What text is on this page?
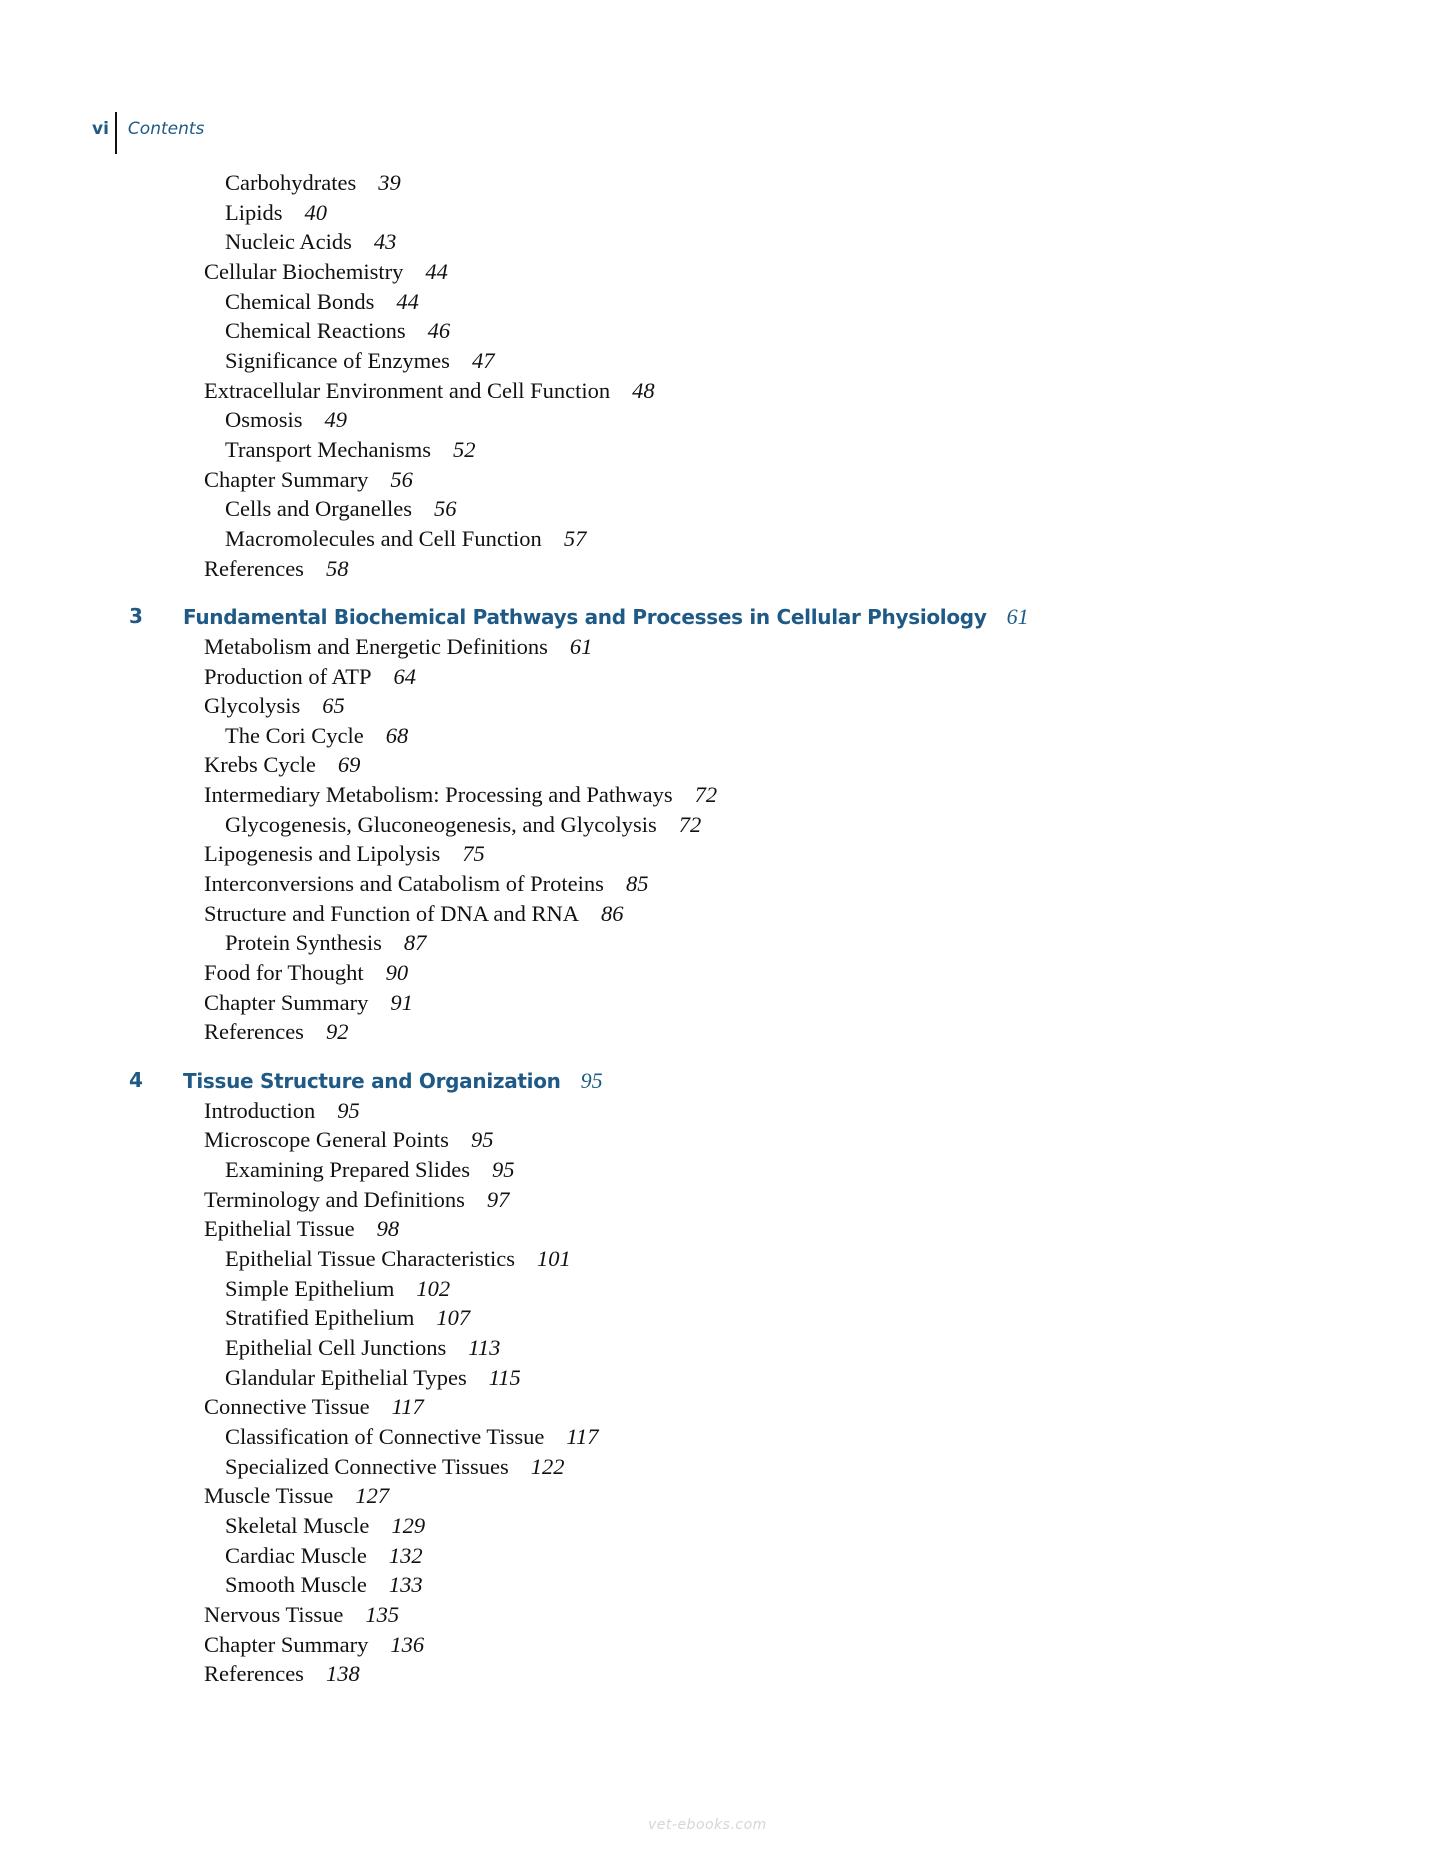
vi	Contents
Carbohydrates 39
Lipids 40
Nucleic Acids 43
Cellular Biochemistry 44
Chemical Bonds 44
Chemical Reactions 46
Significance of Enzymes 47
Extracellular Environment and Cell Function 48
Osmosis 49
Transport Mechanisms 52
Chapter Summary 56
Cells and Organelles 56
Macromolecules and Cell Function 57
References 58
3 Fundamental Biochemical Pathways and Processes in Cellular Physiology 61
Metabolism and Energetic Definitions 61
Production of ATP 64
Glycolysis 65
The Cori Cycle 68
Krebs Cycle 69
Intermediary Metabolism: Processing and Pathways 72
Glycogenesis, Gluconeogenesis, and Glycolysis 72
Lipogenesis and Lipolysis 75
Interconversions and Catabolism of Proteins 85
Structure and Function of DNA and RNA 86
Protein Synthesis 87
Food for Thought 90
Chapter Summary 91
References 92
4 Tissue Structure and Organization 95
Introduction 95
Microscope General Points 95
Examining Prepared Slides 95
Terminology and Definitions 97
Epithelial Tissue 98
Epithelial Tissue Characteristics 101
Simple Epithelium 102
Stratified Epithelium 107
Epithelial Cell Junctions 113
Glandular Epithelial Types 115
Connective Tissue 117
Classification of Connective Tissue 117
Specialized Connective Tissues 122
Muscle Tissue 127
Skeletal Muscle 129
Cardiac Muscle 132
Smooth Muscle 133
Nervous Tissue 135
Chapter Summary 136
References 138
vet-ebooks.com
